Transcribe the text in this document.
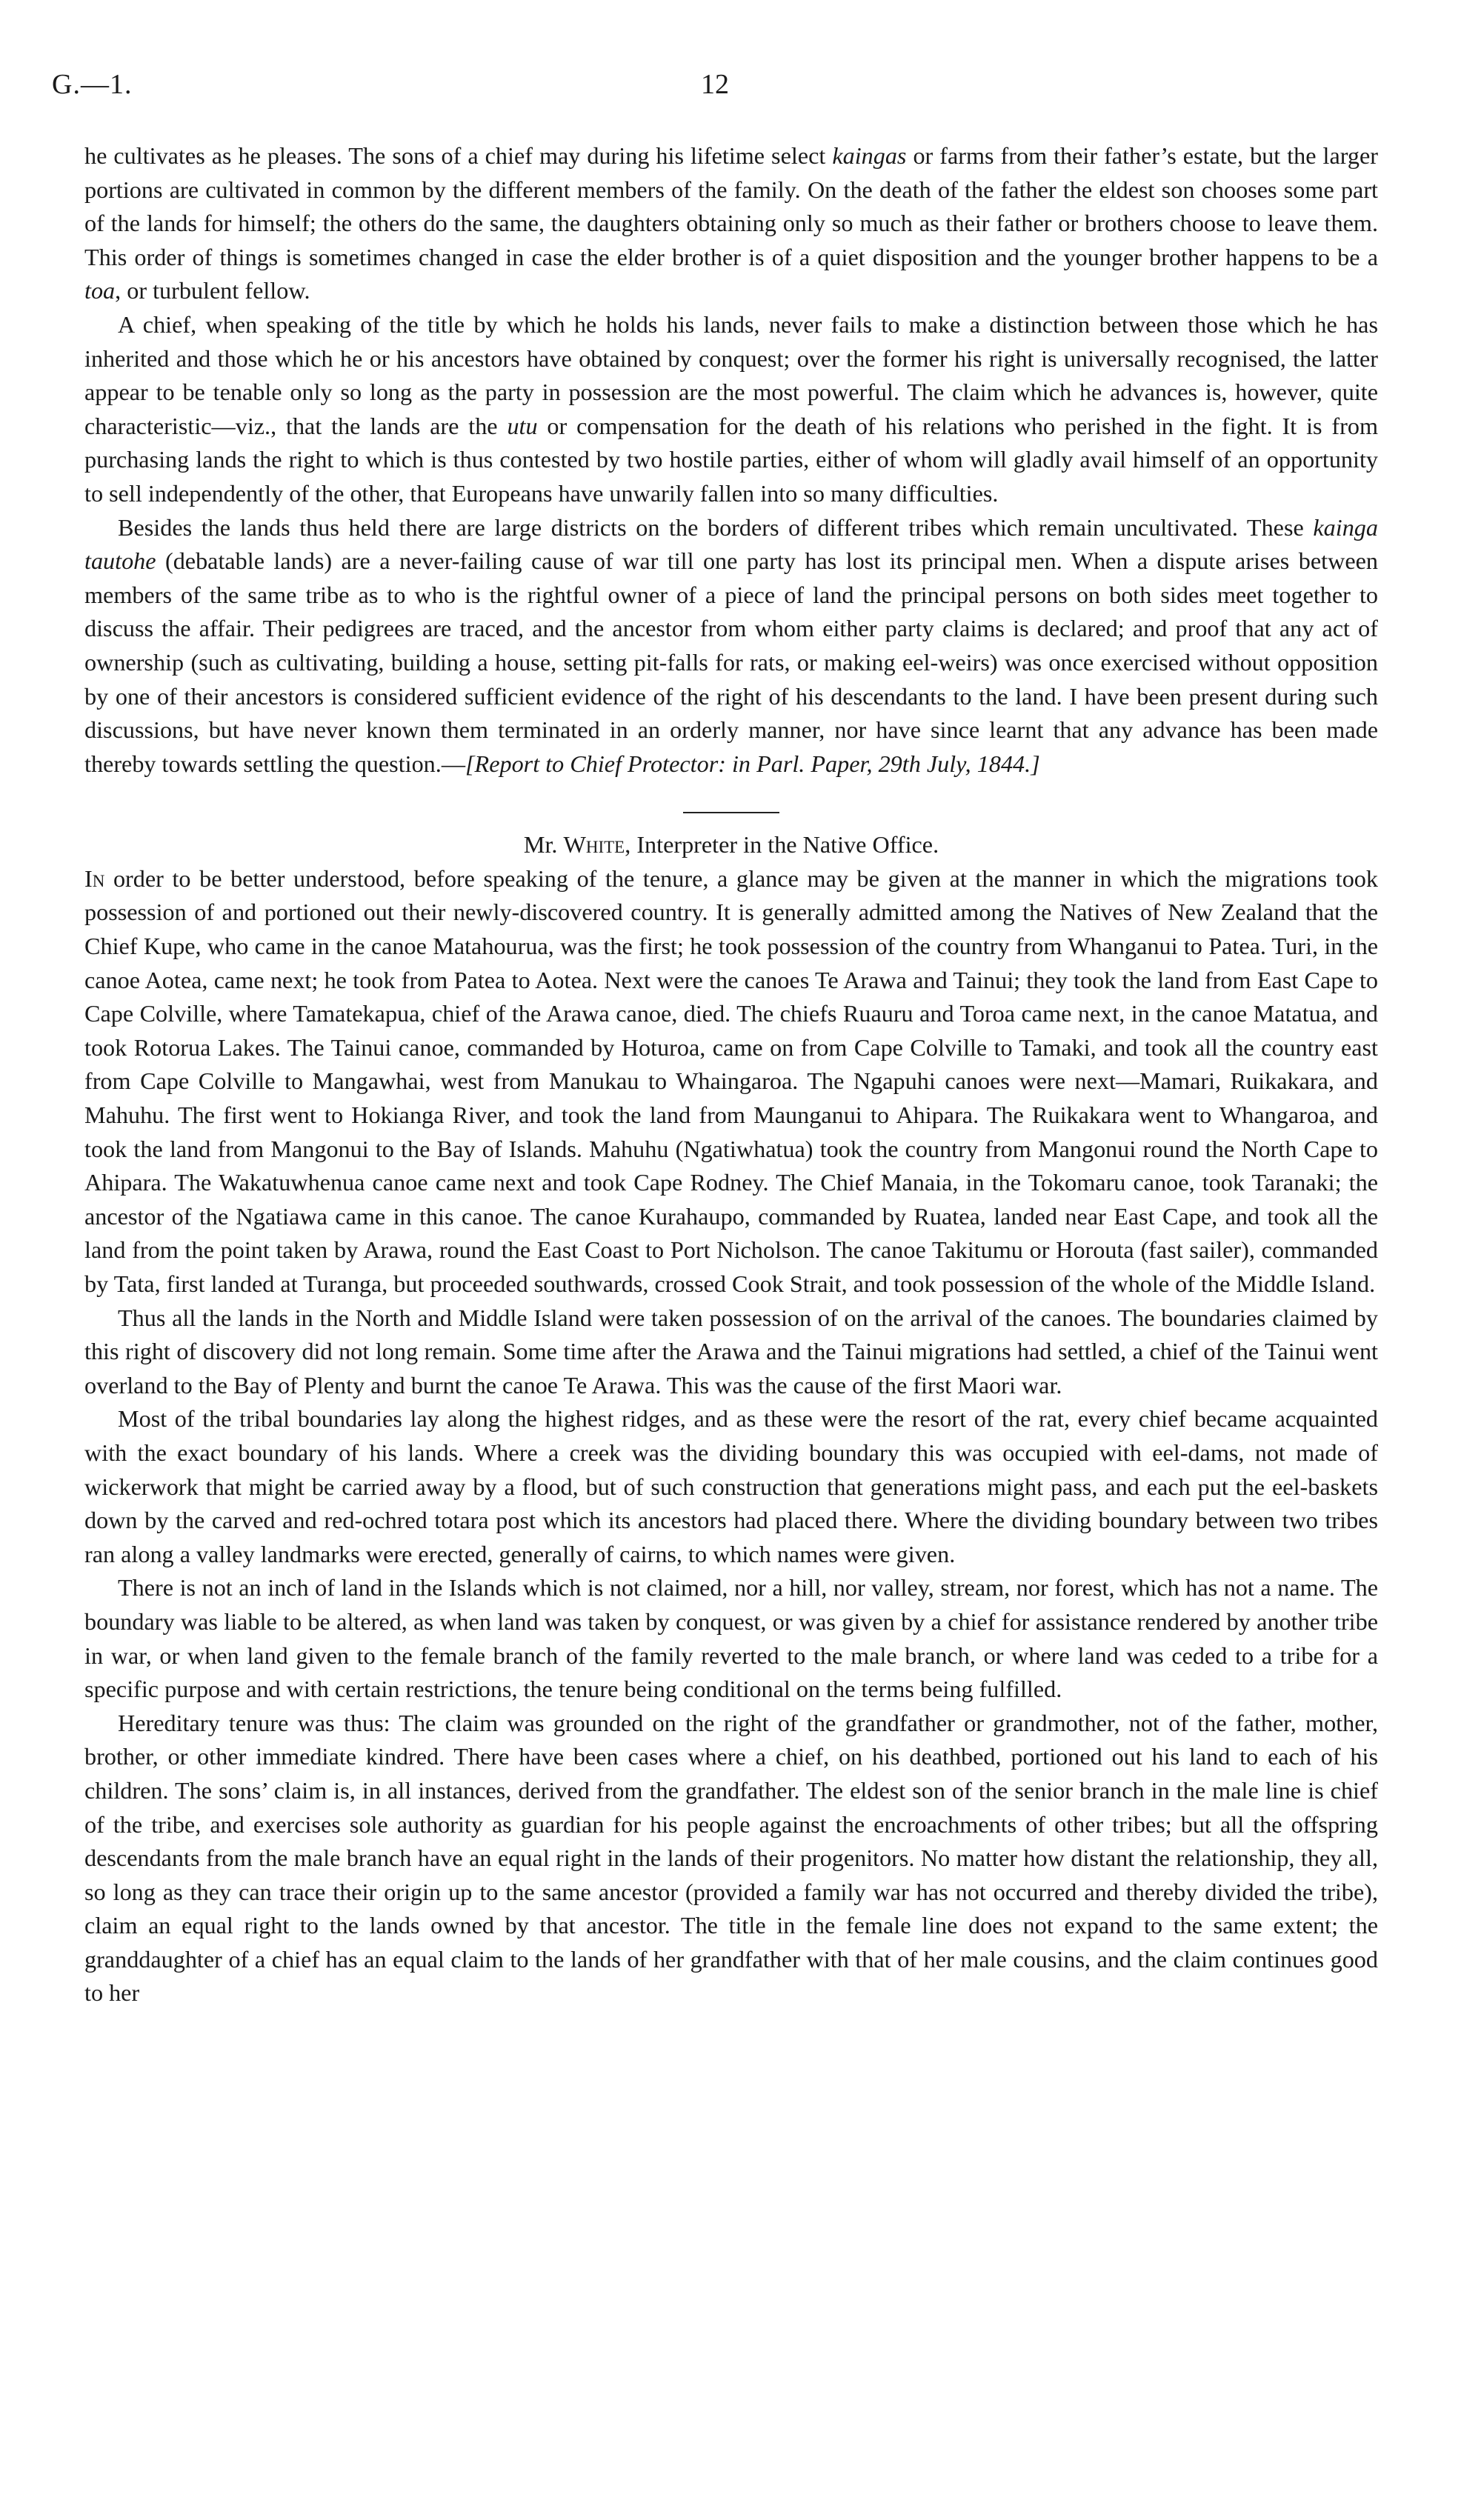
G.—1.	12

he cultivates as he pleases. The sons of a chief may during his lifetime select kaingas or farms from their father’s estate, but the larger portions are cultivated in common by the different members of the family. On the death of the father the eldest son chooses some part of the lands for himself; the others do the same, the daughters obtaining only so much as their father or brothers choose to leave them. This order of things is sometimes changed in case the elder brother is of a quiet disposition and the younger brother happens to be a toa, or turbulent fellow.

A chief, when speaking of the title by which he holds his lands, never fails to make a distinction between those which he has inherited and those which he or his ancestors have obtained by conquest; over the former his right is universally recognised, the latter appear to be tenable only so long as the party in possession are the most powerful. The claim which he advances is, however, quite characteristic—viz., that the lands are the utu or compensation for the death of his relations who perished in the fight. It is from purchasing lands the right to which is thus contested by two hostile parties, either of whom will gladly avail himself of an opportunity to sell independently of the other, that Europeans have unwarily fallen into so many difficulties.

Besides the lands thus held there are large districts on the borders of different tribes which remain uncultivated. These kainga tautohe (debatable lands) are a never-failing cause of war till one party has lost its principal men. When a dispute arises between members of the same tribe as to who is the rightful owner of a piece of land the principal persons on both sides meet together to discuss the affair. Their pedigrees are traced, and the ancestor from whom either party claims is declared; and proof that any act of ownership (such as cultivating, building a house, setting pit-falls for rats, or making eel-weirs) was once exercised without opposition by one of their ancestors is considered sufficient evidence of the right of his descendants to the land. I have been present during such discussions, but have never known them terminated in an orderly manner, nor have since learnt that any advance has been made thereby towards settling the question.—[Report to Chief Protector: in Parl. Paper, 29th July, 1844.]

Mr. White, Interpreter in the Native Office.

In order to be better understood, before speaking of the tenure, a glance may be given at the manner in which the migrations took possession of and portioned out their newly-discovered country. It is generally admitted among the Natives of New Zealand that the Chief Kupe, who came in the canoe Matahourua, was the first; he took possession of the country from Whanganui to Patea. Turi, in the canoe Aotea, came next; he took from Patea to Aotea. Next were the canoes Te Arawa and Tainui; they took the land from East Cape to Cape Colville, where Tamatekapua, chief of the Arawa canoe, died. The chiefs Ruauru and Toroa came next, in the canoe Matatua, and took Rotorua Lakes. The Tainui canoe, commanded by Hoturoa, came on from Cape Colville to Tamaki, and took all the country east from Cape Colville to Mangawhai, west from Manukau to Whaingaroa. The Ngapuhi canoes were next—Mamari, Ruikakara, and Mahuhu. The first went to Hokianga River, and took the land from Maunganui to Ahipara. The Ruikakara went to Whangaroa, and took the land from Mangonui to the Bay of Islands. Mahuhu (Ngatiwhatua) took the country from Mangonui round the North Cape to Ahipara. The Wakatuwhenua canoe came next and took Cape Rodney. The Chief Manaia, in the Tokomaru canoe, took Taranaki; the ancestor of the Ngatiawa came in this canoe. The canoe Kurahaupo, commanded by Ruatea, landed near East Cape, and took all the land from the point taken by Arawa, round the East Coast to Port Nicholson. The canoe Takitumu or Horouta (fast sailer), commanded by Tata, first landed at Turanga, but proceeded southwards, crossed Cook Strait, and took possession of the whole of the Middle Island.

Thus all the lands in the North and Middle Island were taken possession of on the arrival of the canoes. The boundaries claimed by this right of discovery did not long remain. Some time after the Arawa and the Tainui migrations had settled, a chief of the Tainui went overland to the Bay of Plenty and burnt the canoe Te Arawa. This was the cause of the first Maori war.

Most of the tribal boundaries lay along the highest ridges, and as these were the resort of the rat, every chief became acquainted with the exact boundary of his lands. Where a creek was the dividing boundary this was occupied with eel-dams, not made of wickerwork that might be carried away by a flood, but of such construction that generations might pass, and each put the eel-baskets down by the carved and red-ochred totara post which its ancestors had placed there. Where the dividing boundary between two tribes ran along a valley landmarks were erected, generally of cairns, to which names were given.

There is not an inch of land in the Islands which is not claimed, nor a hill, nor valley, stream, nor forest, which has not a name. The boundary was liable to be altered, as when land was taken by conquest, or was given by a chief for assistance rendered by another tribe in war, or when land given to the female branch of the family reverted to the male branch, or where land was ceded to a tribe for a specific purpose and with certain restrictions, the tenure being conditional on the terms being fulfilled.

Hereditary tenure was thus: The claim was grounded on the right of the grandfather or grandmother, not of the father, mother, brother, or other immediate kindred. There have been cases where a chief, on his deathbed, portioned out his land to each of his children. The sons’ claim is, in all instances, derived from the grandfather. The eldest son of the senior branch in the male line is chief of the tribe, and exercises sole authority as guardian for his people against the encroachments of other tribes; but all the offspring descendants from the male branch have an equal right in the lands of their progenitors. No matter how distant the relationship, they all, so long as they can trace their origin up to the same ancestor (provided a family war has not occurred and thereby divided the tribe), claim an equal right to the lands owned by that ancestor. The title in the female line does not expand to the same extent; the granddaughter of a chief has an equal claim to the lands of her grandfather with that of her male cousins, and the claim continues good to her
